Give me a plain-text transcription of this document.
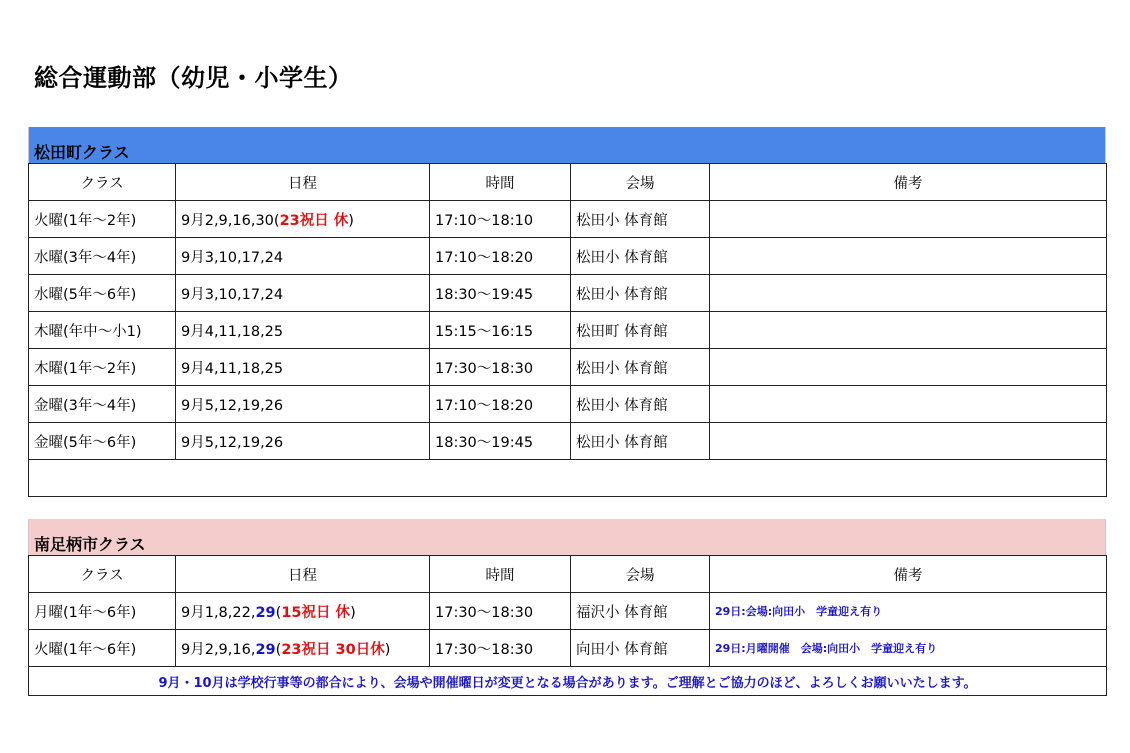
総合運動部（幼児・小学生）
松田町クラス
クラス	日程	時間	会場	備考
火曜(1年〜2年)	9月2,9,16,30(23祝日 休)	17:10〜18:10	松田小 体育館	
水曜(3年〜4年)	9月3,10,17,24	17:10〜18:20	松田小 体育館	
水曜(5年〜6年)	9月3,10,17,24	18:30〜19:45	松田小 体育館	
木曜(年中〜小1)	9月4,11,18,25	15:15〜16:15	松田町 体育館	
木曜(1年〜2年)	9月4,11,18,25	17:30〜18:30	松田小 体育館	
金曜(3年〜4年)	9月5,12,19,26	17:10〜18:20	松田小 体育館	
金曜(5年〜6年)	9月5,12,19,26	18:30〜19:45	松田小 体育館	

南足柄市クラス
クラス	日程	時間	会場	備考
月曜(1年〜6年)	9月1,8,22,29(15祝日 休)	17:30〜18:30	福沢小 体育館	29日:会場:向田小　学童迎え有り
火曜(1年〜6年)	9月2,9,16,29(23祝日 30日休)	17:30〜18:30	向田小 体育館	29日:月曜開催　会場:向田小　学童迎え有り
9月・10月は学校行事等の都合により、会場や開催曜日が変更となる場合があります。ご理解とご協力のほど、よろしくお願いいたします。				
